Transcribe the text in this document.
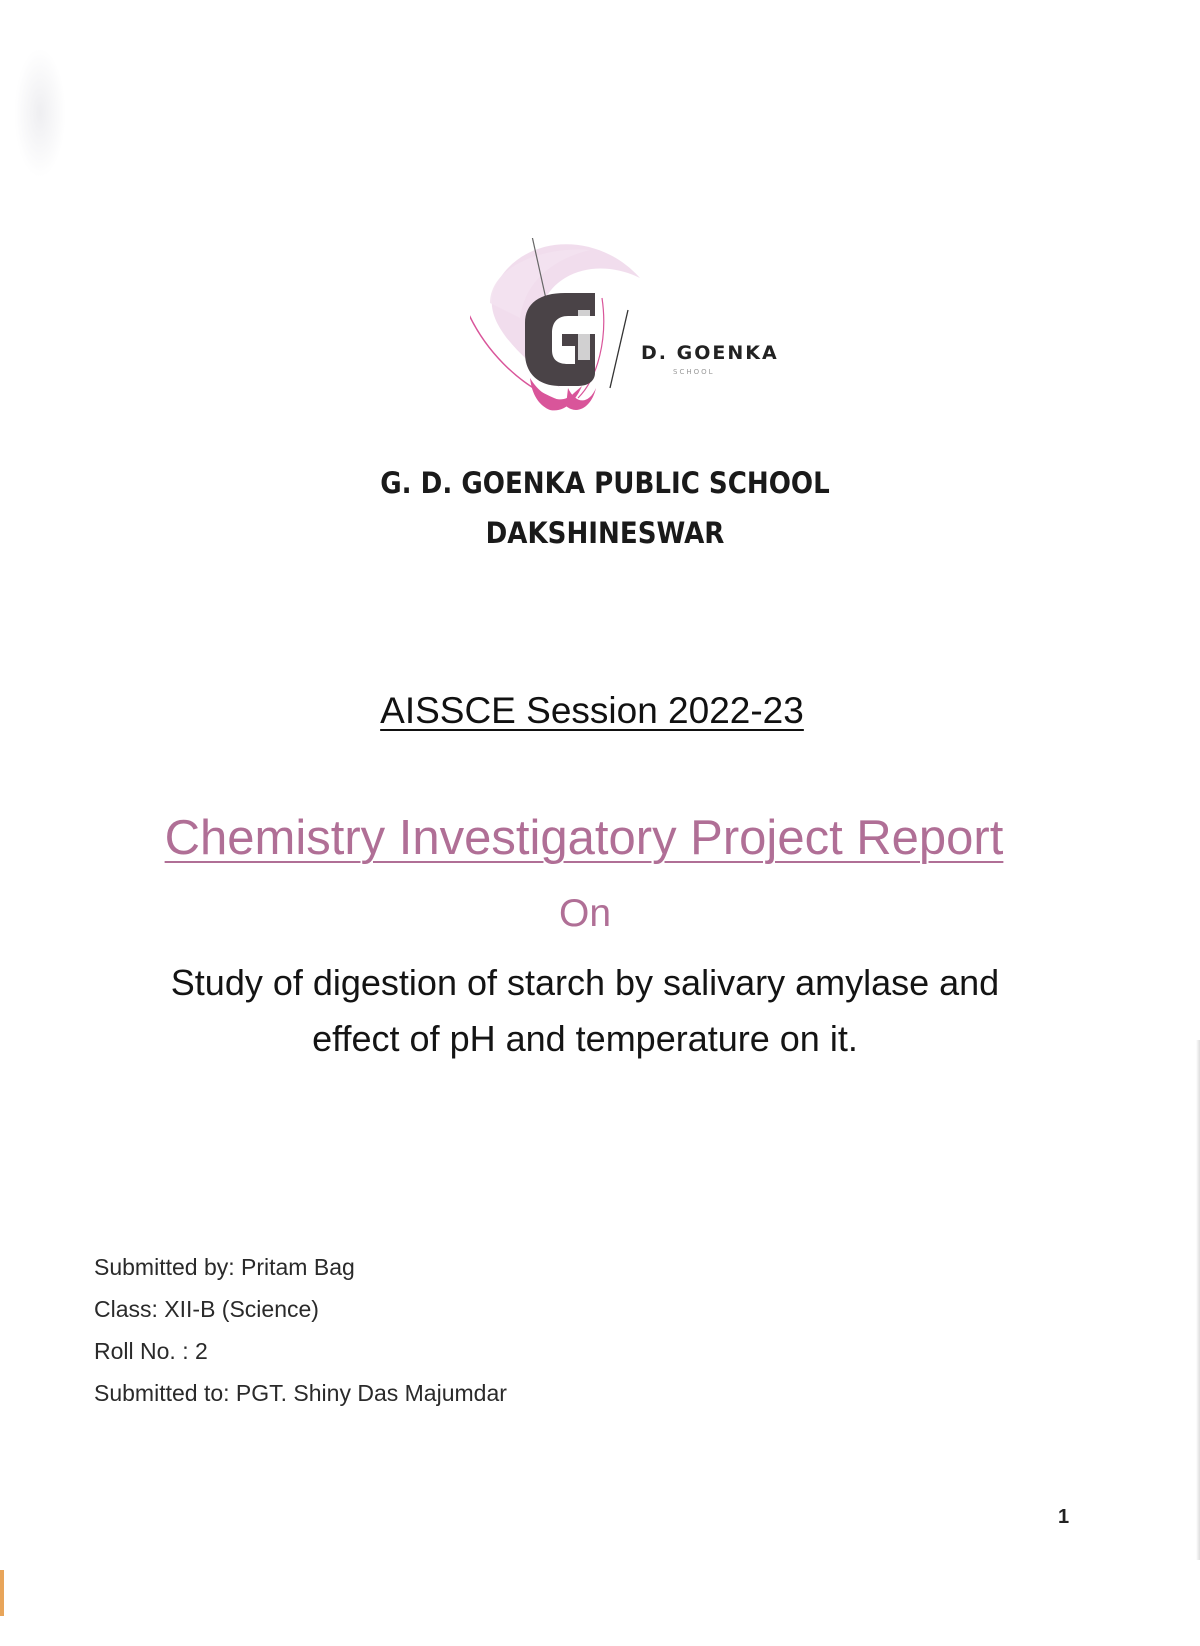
D. GOENKA
SCHOOL
G. D. GOENKA PUBLIC SCHOOL
DAKSHINESWAR
AISSCE Session 2022-23
Chemistry Investigatory Project Report
On
Study of digestion of starch by salivary amylase and
effect of pH and temperature on it.
Submitted by: Pritam Bag
Class: XII-B (Science)
Roll No. : 2
Submitted to: PGT. Shiny Das Majumdar
1
